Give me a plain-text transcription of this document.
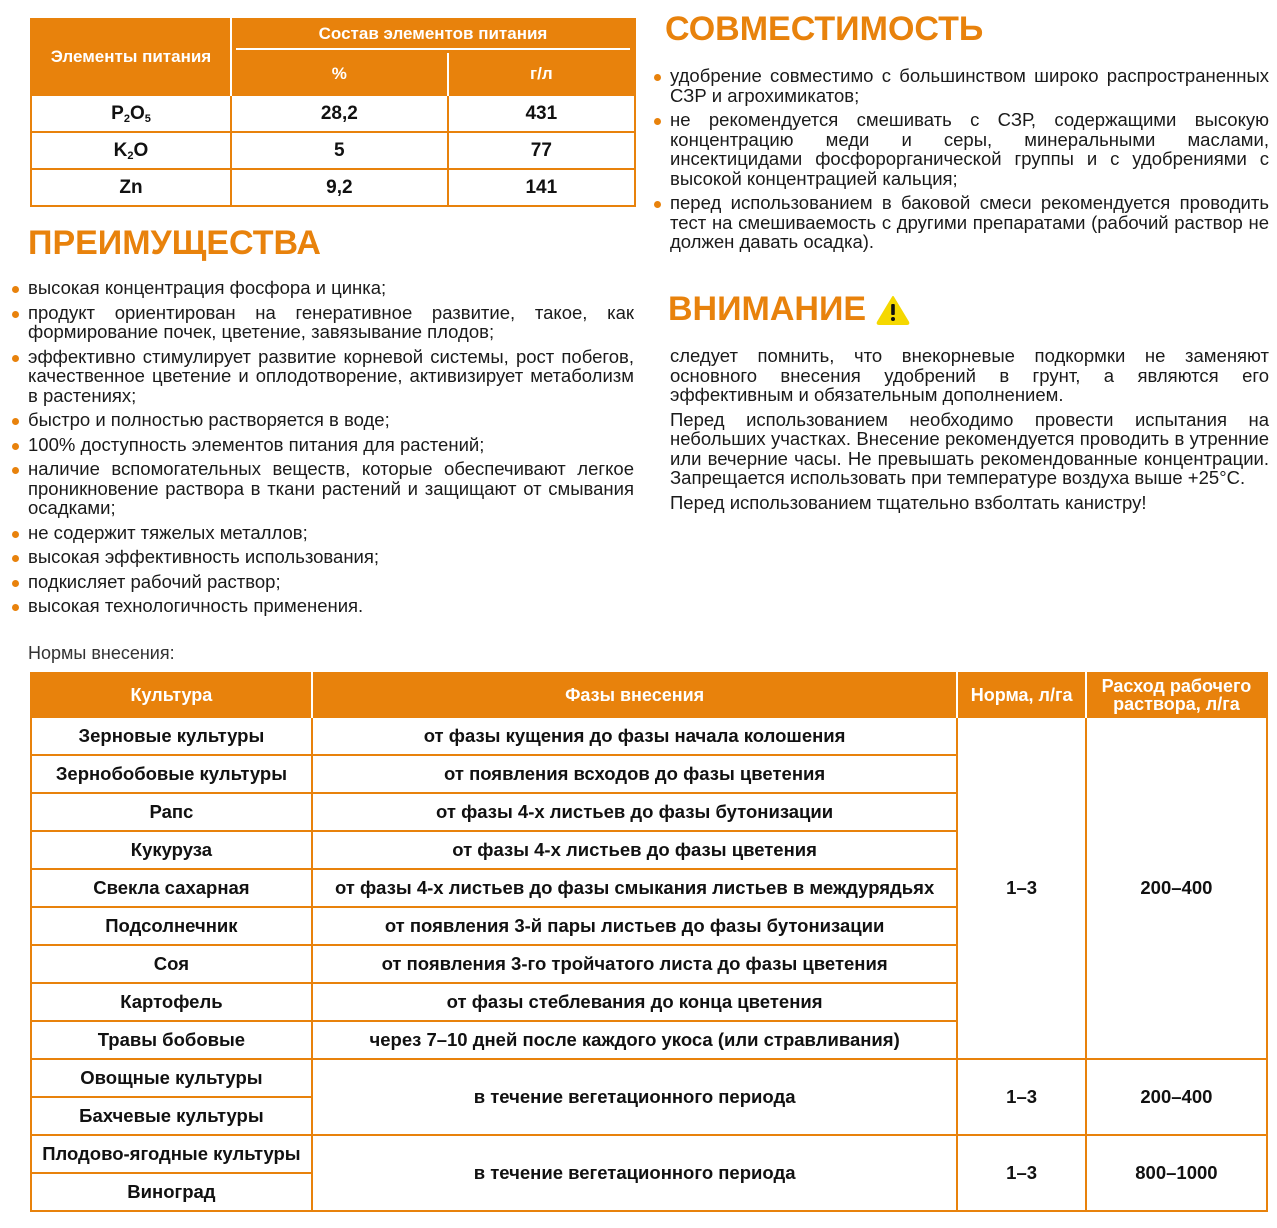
Элементы питания	Состав элементов питания	

	%	г/л
$P_2O_5$	28,2	431
$K_2O$	5	77
Zn	9,2	141
ПРЕИМУЩЕСТВА
высокая концентрация фосфора и цинка;
продукт ориентирован на генеративное развитие, такое, как формирование почек, цветение, завязывание плодов;
эффективно стимулирует развитие корневой системы, рост побегов, качественное цветение и оплодотворение, активизирует метаболизм в растениях;
быстро и полностью растворяется в воде;
100% доступность элементов питания для растений;
наличие вспомогательных веществ, которые обеспечивают легкое проникновение раствора в ткани растений и защищают от смывания осадками;
не содержит тяжелых металлов;
высокая эффективность использования;
подкисляет рабочий раствор;
высокая технологичность применения.
СОВМЕСТИМОСТЬ
удобрение совместимо с большинством широко распространенных СЗР и агрохимикатов;
не рекомендуется смешивать с СЗР, содержащими высокую концентрацию меди и серы, минеральными маслами, инсектицидами фосфорорганической группы и с удобрениями с высокой концентрацией кальция;
перед использованием в баковой смеси рекомендуется проводить тест на смешиваемость с другими препаратами (рабочий раствор не должен давать осадка).
ВНИМАНИЕ

следует помнить, что внекорневые подкормки не заменяют основного внесения удобрений в грунт, а являются его эффективным и обязательным дополнением.

Перед использованием необходимо провести испытания на небольших участках. Внесение рекомендуется проводить в утренние или вечерние часы. Не превышать рекомендованные концентрации. Запрещается использовать при температуре воздуха выше +25°С.

Перед использованием тщательно взболтать канистру!

Нормы внесения:
Культура	Фазы внесения	Норма, л/га	Расход рабочего раствора, л/га
Зерновые культуры	от фазы кущения до фазы начала колошения	1–3	200–400
Зернобобовые культуры	от появления всходов до фазы цветения		
Рапс	от фазы 4-х листьев до фазы бутонизации		
Кукуруза	от фазы 4-х листьев до фазы цветения		
Свекла сахарная	от фазы 4-х листьев до фазы смыкания листьев в междурядьях		
Подсолнечник	от появления 3-й пары листьев до фазы бутонизации		
Соя	от появления 3-го тройчатого листа до фазы цветения		
Картофель	от фазы стеблевания до конца цветения		
Травы бобовые	через 7–10 дней после каждого укоса (или стравливания)		
Овощные культуры	в течение вегетационного периода	1–3	200–400
Бахчевые культуры			
Плодово-ягодные культуры	в течение вегетационного периода	1–3	800–1000
Виноград			
